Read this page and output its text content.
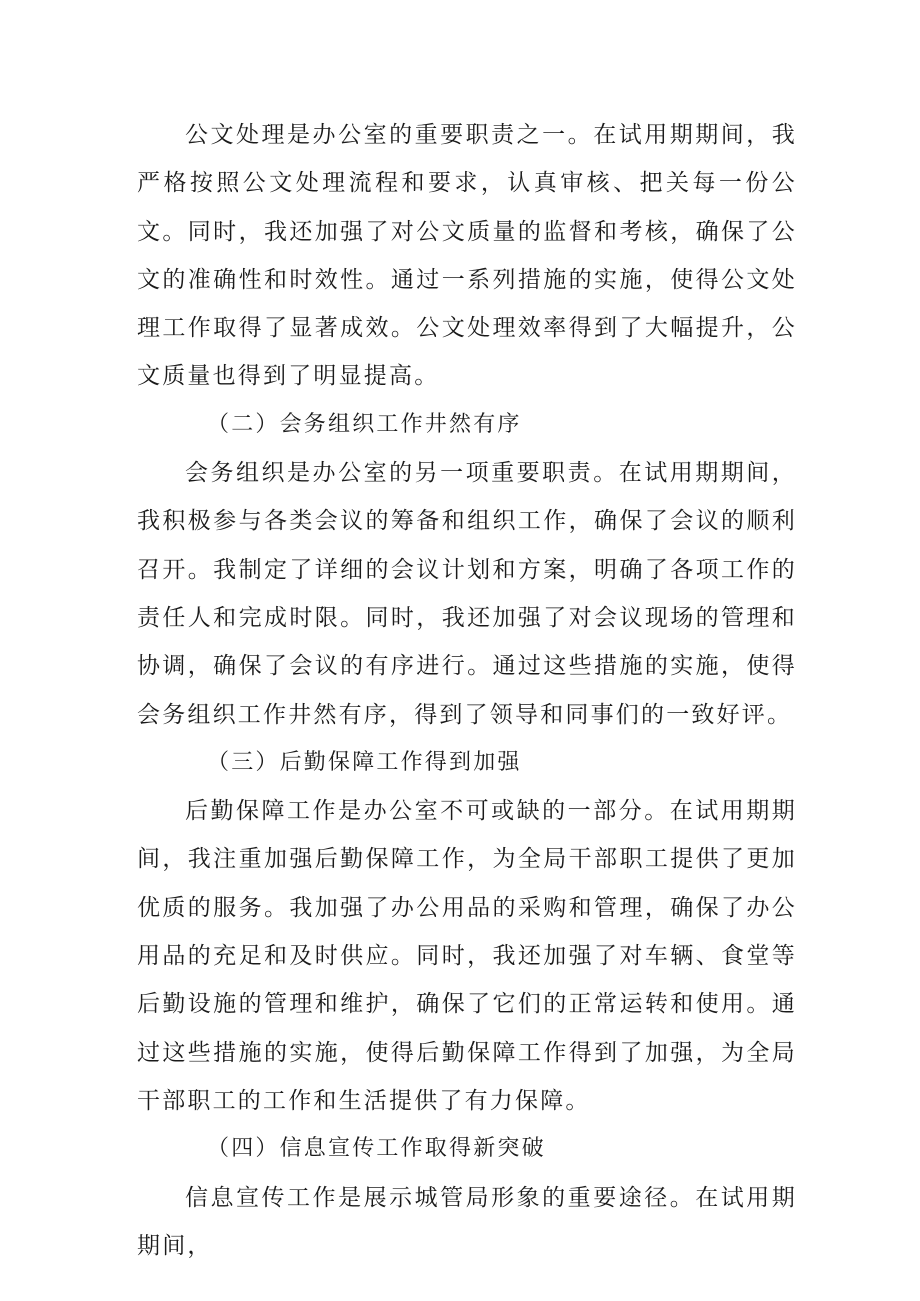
公文处理是办公室的重要职责之一。在试用期期间，我严格按照公文处理流程和要求，认真审核、把关每一份公文。同时，我还加强了对公文质量的监督和考核，确保了公文的准确性和时效性。通过一系列措施的实施，使得公文处理工作取得了显著成效。公文处理效率得到了大幅提升，公文质量也得到了明显提高。

（二）会务组织工作井然有序

会务组织是办公室的另一项重要职责。在试用期期间，我积极参与各类会议的筹备和组织工作，确保了会议的顺利召开。我制定了详细的会议计划和方案，明确了各项工作的责任人和完成时限。同时，我还加强了对会议现场的管理和协调，确保了会议的有序进行。通过这些措施的实施，使得会务组织工作井然有序，得到了领导和同事们的一致好评。

（三）后勤保障工作得到加强

后勤保障工作是办公室不可或缺的一部分。在试用期期间，我注重加强后勤保障工作，为全局干部职工提供了更加优质的服务。我加强了办公用品的采购和管理，确保了办公用品的充足和及时供应。同时，我还加强了对车辆、食堂等后勤设施的管理和维护，确保了它们的正常运转和使用。通过这些措施的实施，使得后勤保障工作得到了加强，为全局干部职工的工作和生活提供了有力保障。

（四）信息宣传工作取得新突破

信息宣传工作是展示城管局形象的重要途径。在试用期期间，
